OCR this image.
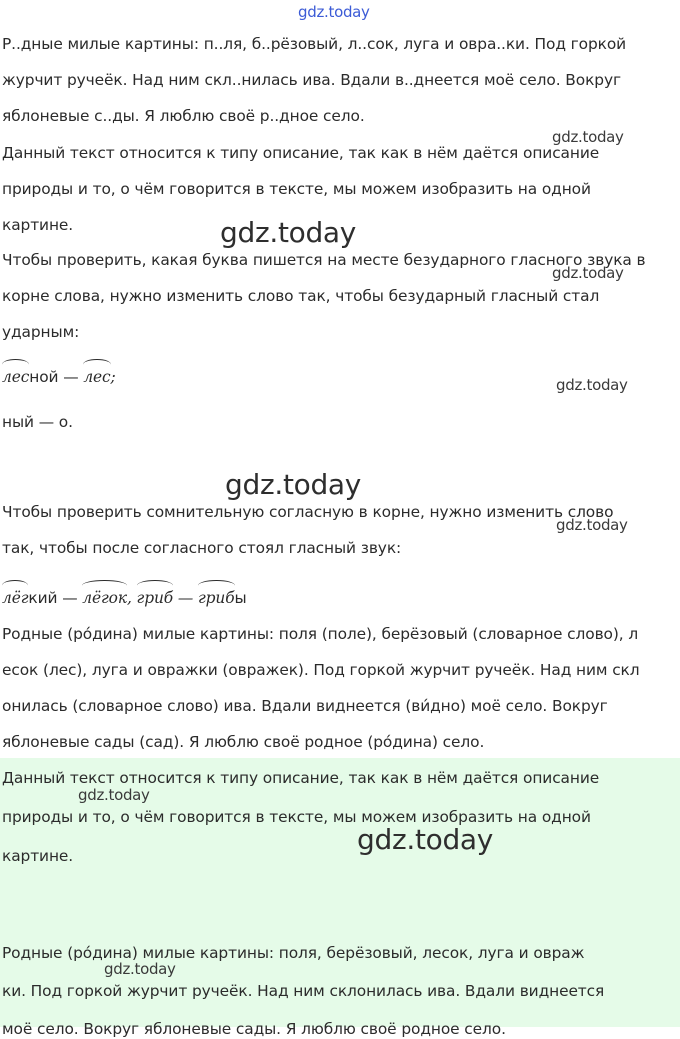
gdz.today
gdz.today
gdz.today
gdz.today
gdz.today
gdz.today
gdz.today
gdz.today
gdz.today
gdz.today
Р..дные милые картины: п..ля, б..рёзовый, л..сок, луга и овра..ки. Под горкой
журчит ручеёк. Над ним скл..нилась ива. Вдали в..днеется моё село. Вокруг
яблоневые с..ды. Я люблю своё р..дное село.
Данный текст относится к типу описание, так как в нём даётся описание
природы и то, о чём говорится в тексте, мы можем изобразить на одной
картине.
Чтобы проверить, какая буква пишется на месте безударного гласного звука в
корне слова, нужно изменить слово так, чтобы безударный гласный стал
ударным:
лесной — лес;
ный — о.
Чтобы проверить сомнительную согласную в корне, нужно изменить слово
так, чтобы после согласного стоял гласный звук:
лёгкий — лёгок, гриб — грибы
Родные (ро́дина) милые картины: поля (поле), берёзовый (словарное слово), л
есок (лес), луга и овражки (овражек). Под горкой журчит ручеёк. Над ним скл
онилась (словарное слово) ива. Вдали виднеется (ви́дно) моё село. Вокруг
яблоневые сады (сад). Я люблю своё родное (ро́дина) село.
Данный текст относится к типу описание, так как в нём даётся описание
природы и то, о чём говорится в тексте, мы можем изобразить на одной
картине.
Родные (ро́дина) милые картины: поля, берёзовый, лесок, луга и овраж
ки. Под горкой журчит ручеёк. Над ним склонилась ива. Вдали виднеется
моё село. Вокруг яблоневые сады. Я люблю своё родное село.
